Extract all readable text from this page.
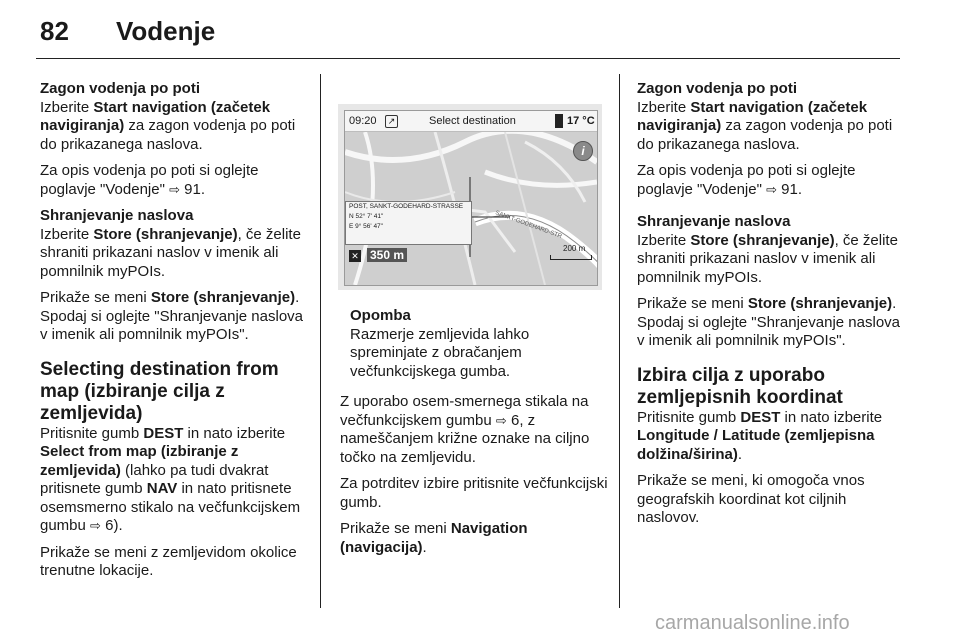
82 Vodenje

Zagon vodenja po poti

Izberite Start navigation (začetek navigiranja) za zagon vodenja po poti do prikazanega naslova.

Za opis vodenja po poti si oglejte poglavje "Vodenje" ⇨ 91.

Shranjevanje naslova

Izberite Store (shranjevanje), če želite shraniti prikazani naslov v imenik ali pomnilnik myPOIs.

Prikaže se meni Store (shranjevanje). Spodaj si oglejte "Shranjevanje naslova v imenik ali pomnilnik myPOIs".

Selecting destination from map (izbiranje cilja z zemljevida)

Pritisnite gumb DEST in nato izberite Select from map (izbiranje z zemljevida) (lahko pa tudi dvakrat pritisnete gumb NAV in nato pritisnete osemsmerno stikalo na večfunkcijskem gumbu ⇨ 6).

Prikaže se meni z zemljevidom okolice trenutne lokacije.

09:20	↗	Select destination	17 °C
SANKT-GODEHARD-STR
i
POST, SANKT-GODEHARD-STRASSE
N 52° 7' 41"
E 9° 56' 47"
✕ 350 m	200 m
Opomba
Razmerje zemljevida lahko spreminjate z obračanjem večfunkcijskega gumba.

Z uporabo osem-smernega stikala na večfunkcijskem gumbu ⇨ 6, z nameščanjem križne oznake na ciljno točko na zemljevidu.

Za potrditev izbire pritisnite večfunkcijski gumb.

Prikaže se meni Navigation (navigacija).

Zagon vodenja po poti

Izberite Start navigation (začetek navigiranja) za zagon vodenja po poti do prikazanega naslova.

Za opis vodenja po poti si oglejte poglavje "Vodenje" ⇨ 91.

Shranjevanje naslova

Izberite Store (shranjevanje), če želite shraniti prikazani naslov v imenik ali pomnilnik myPOIs.

Prikaže se meni Store (shranjevanje). Spodaj si oglejte "Shranjevanje naslova v imenik ali pomnilnik myPOIs".

Izbira cilja z uporabo zemljepisnih koordinat

Pritisnite gumb DEST in nato izberite Longitude / Latitude (zemljepisna dolžina/širina).

Prikaže se meni, ki omogoča vnos geografskih koordinat kot ciljnih naslovov.

carmanualsonline.info
